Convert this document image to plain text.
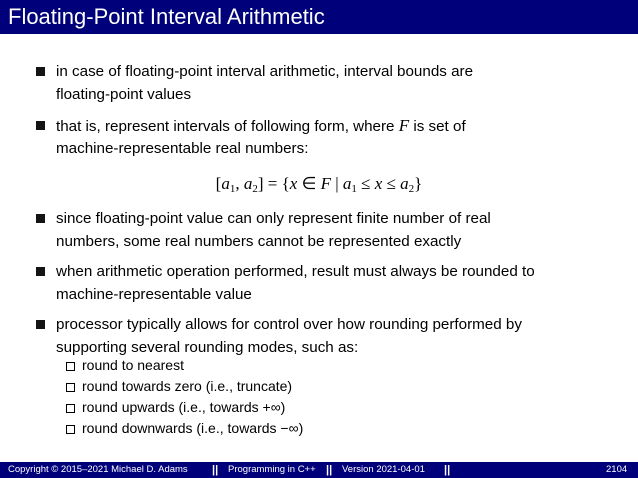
Floating-Point Interval Arithmetic
in case of floating-point interval arithmetic, interval bounds are
floating-point values
that is, represent intervals of following form, where F is set of
machine-representable real numbers:
[$a_1$, $a_2] = \{x$ ∈ F | $a_1 \le x \le a_2$}
since floating-point value can only represent finite number of real
numbers, some real numbers cannot be represented exactly
when arithmetic operation performed, result must always be rounded to
machine-representable value
processor typically allows for control over how rounding performed by
supporting several rounding modes, such as:
round to nearest
round towards zero (i.e., truncate)
round upwards (i.e., towards +∞)
round downwards (i.e., towards −∞)
Copyright © 2015–2021 Michael D. Adams || Programming in C++ || Version 2021-04-01 ||	2104
